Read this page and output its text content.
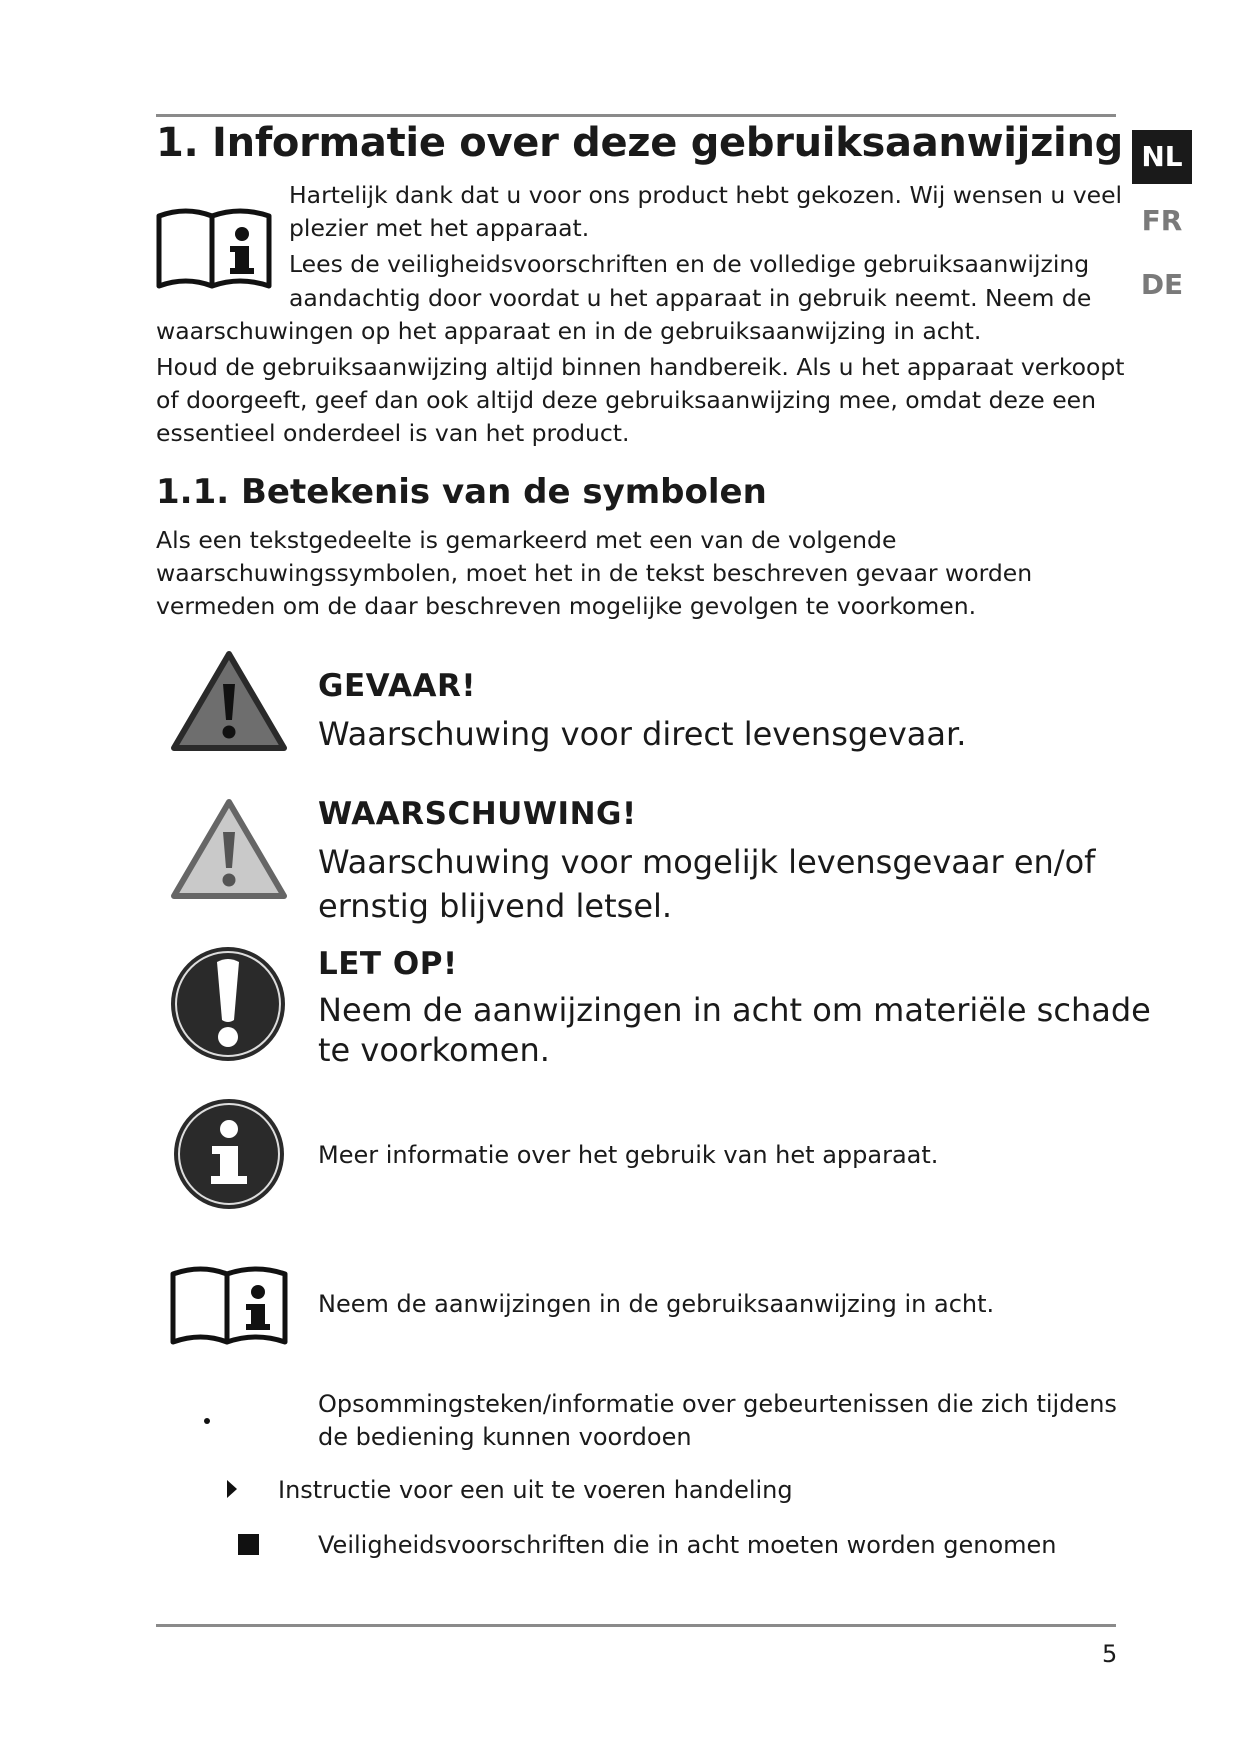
NL
FR
DE
1. Informatie over deze gebruiksaanwijzing

Hartelijk dank dat u voor ons product hebt gekozen. Wij wensen u veel

plezier met het apparaat.

Lees de veiligheidsvoorschriften en de volledige gebruiksaanwijzing

aandachtig door voordat u het apparaat in gebruik neemt. Neem de

waarschuwingen op het apparaat en in de gebruiksaanwijzing in acht.

Houd de gebruiksaanwijzing altijd binnen handbereik. Als u het apparaat verkoopt

of doorgeeft, geef dan ook altijd deze gebruiksaanwijzing mee, omdat deze een

essentieel onderdeel is van het product.

1.1. Betekenis van de symbolen

Als een tekstgedeelte is gemarkeerd met een van de volgende

waarschuwingssymbolen, moet het in de tekst beschreven gevaar worden

vermeden om de daar beschreven mogelijke gevolgen te voorkomen.

GEVAAR!
Waarschuwing voor direct levensgevaar.
WAARSCHUWING!
Waarschuwing voor mogelijk levensgevaar en/of
ernstig blijvend letsel.
LET OP!
Neem de aanwijzingen in acht om materiële schade
te voorkomen.
Meer informatie over het gebruik van het apparaat.
Neem de aanwijzingen in de gebruiksaanwijzing in acht.
Opsommingsteken/informatie over gebeurtenissen die zich tijdens
de bediening kunnen voordoen
Instructie voor een uit te voeren handeling
Veiligheidsvoorschriften die in acht moeten worden genomen
5
